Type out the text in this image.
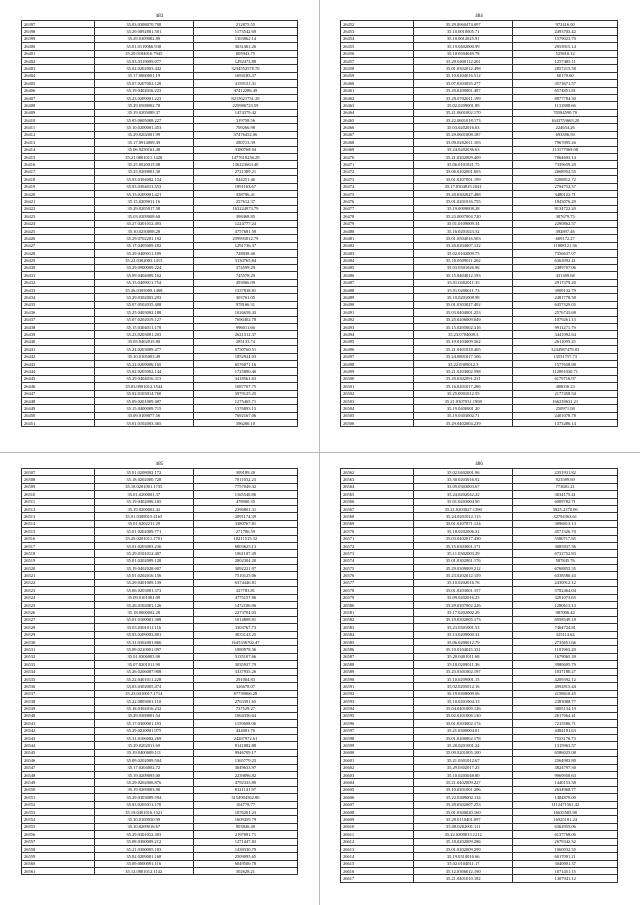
483
26397	35.03.0308070.798	212875.55
26398	35.29.0092801.501	1173542.69
26399	35.29.0309082.89	1303862.14
26400	35.01.0119066.938	3631461.26
26401	35.29.0184016.7945	805943.75
26402	35.03.0319099.077	1292473.88
26403	35.02.0202003.442	3234552578.70
26404	35.17.0060001.19	1694185.37
26405	35.07.0207002.128	4159151.41
26406	35.19.0402016.223	47412286.49
26407	35.23.0209001.223	8215621751.29
26408	35.29.0508002.78	225986723.59
26409	35.19.0205089.37	1474379.42
26410	35.05.0005008.227	319758.56
26411	35.10.0200001.453	709266.98
26412	35.29.0202001.99	37476452.06
26413	35.17.0914009.49	280713.39
26414	35.06.9250161.48	3380768.04
26415	35.21.0801011.1428	1477610236.29
26416	35.25.0020015.08	136223663.40
26417	35.25.0209001.30	2721389.21
26418	35.03.0304002.154	844251.46
26419	35.03.0304011.353	1891163.67
26420	35.15.0209001.421	358796.41
26421	35.15.0209011.16	257612.37
26422	35.29.0205017.58	163224973.79
26423	35.03.0209008.68	398468.85
26424	35.27.0201012.493	1224777.24
26425	35.10.0250008.28	3757681.59
26426	35.29.0702201.192	259993012.79
26427	35.17.0405009.182	1291736.37
26428	35.29.0409011.189	728838.46
26429	35.22.0302003.1413	3130765.84
26430	35.29.0900009.224	374599.29
26431	35.09.0404009.162	745578.29
26432	35.15.0409011.754	493966.09
26433	35.26.0305009.1408	1537838.81
26434	35.29.0302003.293	303761.05
26435	35.07.0502035.408	978166.31
26436	35.25.0403002.188	1026658.43
26437	35.07.0202019.127	7690402.78
26438	35.15.0304011.178	996011.66
26439	35.23.0203001.203	2621312.37
26440	35.05.0402015.80	285133.74
26441	35.24.0203009.477	5750760.51
26442	35.10.0105003.49	1852924.03
26443	35.22.0209006.165	6576071.16
26444	35.02.0205002.144	1725890.46
26445	35.29.0404016.313	3418561.63
26446	35.03.0901012.1544	1087707.75
26447	35.02.0103014.760	3979125.25
26448	35.09.0201009.407	1275465.71
26449	35.15.0400009.715	1376893.13
26450	35.09.0109077.56	7692167.06
26451	35.01.0102003.365	396200.10
484
26452	35.29.0060474.097	972416.00
26453	35.10.0010005.71	2493703.42
26454	35.10.0012025.91	1579023.70
26455	35.19.0402000.99	2953915.14
26456	35.10.0504049.78	525810.12
26457	35.29.0400112.201	1257485.11
26458	35.01.0302012.498	2857215.58
26459	35.10.0204016.512	60179.60
26460	35.07.0303055.277	3573671.57
26461	35.29.0209001.487	6574851.81
26462	35.29.0702011.199	8977784.30
26463	35.02.0209001.89	1131888.66
26464	35.21.0601002.170	70584590.70
26465	35.22.0601018.173	1643753665.20
26466	35.03.0202016.63	224654.26
26467	35.29.0601008.187	693396.50
26468	35.09.0202011.103	7967095.26
26469	35.24.0202036.63	113177069.08
26470	35.21.0202009.409	7864693.14
26471	35.06.0101021.75	7339659.29
26472	35.06.0202001.603	2668952.55
26473	35.01.0207001.199	5208812.72
26474	35.17.0504015.1041	2794752.57
26475	35.20.0302027.488	3480122.71
26476	35.01.0201016.755	1843076.29
26477	35.19.0009008.28	8134722.20
26478	35.23.0007004.720	387679.75
26479	35.01.0109009.34	2290862.57
26480	35.16.0201023.52	392897.46
26481	35.01.0504016.503	609172.27
26482	35.26.0204007.122	11808121.36
26483	35.02.0102009.75	7356637.07
26484	35.10.0509011.202	6363092.41
26485	35.03.0301026.96	2489707.06
26486	35.15.0404012.193	431309.68
26487	35.01.0402011.35	2917379.20
26488	35.01.0206011.73	3909132.79
26489	35.10.0201008.98	2481778.58
26490	35.01.0303027.402	6457329.05
26491	35.03.0404001.253	2576743.68
26492	35.25.0206009.049	1079261.13
26493	35.15.0205002.316	9911271.79
26494	35.23.0704009.3	3441992.64
26495	35.19.0103009.362	2611095.25
26496	35.21.0401018.465	3244987478.83
26497	35.24.0801017.106	13551757.73
26498	35.22.0309012.3	1577658.98
26499	35.21.0203002.598	112891030.71
26500	35.29.0302091.231	6179716.97
26501	35.16.0201017.286	408030.23
26502	35.25.0901012.55	2177458.34
26503	35.21.0307031.1908	166239631.21
26504	35.19.0400001.20	250971.08
26505	35.19.0303002.71	2401078.78
26506	35.29.0402004.239	1375286.14
485
26507	35.01.0208002.172	309189.20
26508	35.18.0202000.728	7011032.23
26509	35.18.0201001.1735	7757049.32
26510	35.01.0200001.37	1165540.86
26511	35.19.0402006.165	478900.35
26512	35.19.0200002.42	2396801.31
26513	35.01.0308015.4165	2091174.39
26514	35.01.0202211.29	3380767.81
26515	35.01.0202009.771	271706.59
26516	35.29.0201011.1701	10211515.32
26517	35.01.0203003.236	6803625.13
26518	35.29.0101012.407	1061107.49
26519	35.01.0202009.128	2802304.20
26520	35.19.0402028.607	3092221.97
26521	35.01.0202016.156	7510125.06
26522	35.29.0401009.139	6374446.81
26523	35.06.0203001.373	327783.81
26524	35.09.0101001.09	4775157.86
26525	35.26.0102001.126	1472106.06
26526	35.18.0000002.28	2273704.03
26527	35.01.0100001.308	1014808.81
26528	35.03.0301011.116	3303767.73
26529	35.03.0209003.801	3033143.25
26530	35.31.0302001.866	1645336702.47
26531	35.09.0210001.097	1080978.36
26532	35.01.0306003.90	3135107.66
26533	35.07.0201011.90	3035937.79
26534	35.26.0206007.908	3337935.26
26535	35.22.0401011.228	291004.83
26536	35.03.0302005.474	326678.07
26537	35.23.0410017.1714	87739066.28
26538	35.22.0803001.110	2763391.65
26539	35.18.0302016.232	737529.27
26540	35.29.0309001.54	1064356.64
26541	35.17.0300001.193	1159698.06
26542	35.29.0210001.975	444001.76
26543	35.31.0106002.269	24287972.61
26544	35.29.0202011.69	8141082.88
26545	35.19.0400009.111	9946709.17
26546	35.09.0202009.504	1365779.23
26547	35.17.0204002.72	3049633.97
26548	35.19.0209095.00	2239896.82
26549	35.29.0202006.876	4792333.89
26550	35.19.0209003.90	8121141.97
26551	35.29.0303009.594	3154904562.80
26552	35.03.0205011.170	104778.77
26553	35.19.0401016.1321	1076201.23
26554	35.10.0109050.99	1609459.79
26555	35.10.0209016.67	903846.40
26556	35.29.0301012.303	2197091.71
26557	35.08.0300009.212	1271447.82
26558	35.21.0300005.183	1438330.79
26559	35.02.0209001.168	2509095.65
26560	35.09.0000091.116	6049500.78
26561	35.12.0801012.1142	302628.21
486
26562	35.02.0402001.96	2351931.82
26563	35.30.0203016.92	923589.69
26564	35.09.0303003.67	773681.21
26565	35.24.0202042.22	3034175.41
26566	35.01.0203004.50	6009782.71
26567	35.21.0203027.1390	5825.2370.06
26568	35.24.0201012.115	32794363.61
26569	35.01.0207071.124	3096813.13
26570	35.18.0202006.31	4571326.70
26571	35.03.0402017.430	5580717.85
26572	35.15.0303001.171	3085837.36
26573	35.11.0302003.29	6732752.83
26574	35.01.0302001.176	587845.76
26575	35.29.0309009.212	6768853.35
26576	35.23.0202012.159	6338580.43
26577	35.10.0202016.76	2430912.12
26578	35.01.0203001.157	5782464.04
26579	35.09.0202016.25	3201073.65
26580	35.29.0207002.226	1280613.13
26581	35.17.0202002.29	987006.42
26582	35.19.0302005.173	6958549.18
26583	35.23.0301001.53	7464724.81
26584	35.13.0209000.32	325114.64
26585	35.06.0206012.79	2735651.66
26586	35.10.0104045.331	1181963.28
26587	35.20.0401011.68	1679065.39
26588	35.18.0209011.36	3980695.79
26589	35.25.0301002.197	1837180.27
26590	35.10.0209001.15	4209392.12
26591	35.02.0205012.16	4992815.44
26592	35.19.0308009.56	2158610.45
26593	35.10.0201004.13	2383088.77
26594	35.04.0401009.126	3005134.19
26595	35.02.0201006.130	2617064.41
26596	35.01.0303002.174	7215586.71
26597	35.21.0300004.01	4484181.63
26598	35.01.0200002.178	7553176.73
26599	35.20.0201001.24	1315963.57
26600	35.09.0201005.100	6586025.08
26601	35.21.0301012.67	2564983.80
26602	35.29.0302017.25	3824797.30
26603	35.10.0205048.80	9969950.63
26604	35.21.0402009.227	1440153.38
26605	35.10.0201001.206	2634968.77
26606	35.22.0309002.114	1484879.00
26607	35.29.0302007.253	1112471561.42
26608	35.01.0300020.160	16635585.90
26609	35.29.0110401.097	16925181.24
26610	35.08.0202001.111	6362955.06
26611	35.22.0209013.1212	6137768.06
26612	35.18.0202009.286	2679342.32
26613	35.01.0202009.299	1060932.35
26614	35.19.0310016.66	6017091.21
26615	35.02.0104011.17	3040901.37
26616	35.12.0306012.190	1071451.15
26617	35.21.0401010.182	1307941.12
